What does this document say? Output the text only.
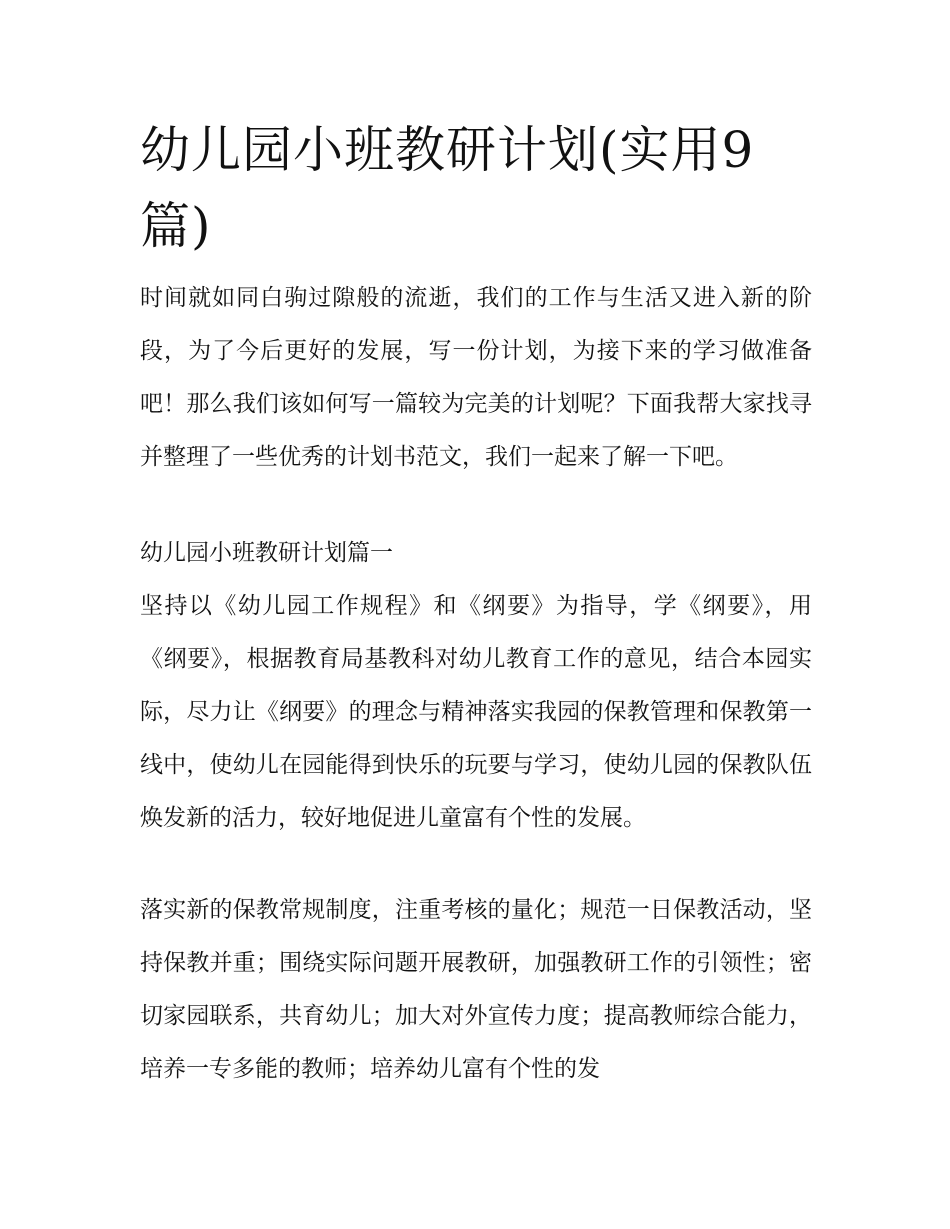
幼儿园小班教研计划(实用9篇)

时间就如同白驹过隙般的流逝，我们的工作与生活又进入新的阶段，为了今后更好的发展，写一份计划，为接下来的学习做准备吧！那么我们该如何写一篇较为完美的计划呢？下面我帮大家找寻并整理了一些优秀的计划书范文，我们一起来了解一下吧。

幼儿园小班教研计划篇一

坚持以《幼儿园工作规程》和《纲要》为指导，学《纲要》，用《纲要》，根据教育局基教科对幼儿教育工作的意见，结合本园实际，尽力让《纲要》的理念与精神落实我园的保教管理和保教第一线中，使幼儿在园能得到快乐的玩要与学习，使幼儿园的保教队伍焕发新的活力，较好地促进儿童富有个性的发展。

落实新的保教常规制度，注重考核的量化；规范一日保教活动，坚持保教并重；围绕实际问题开展教研，加强教研工作的引领性；密切家园联系，共育幼儿；加大对外宣传力度；提高教师综合能力，培养一专多能的教师；培养幼儿富有个性的发
